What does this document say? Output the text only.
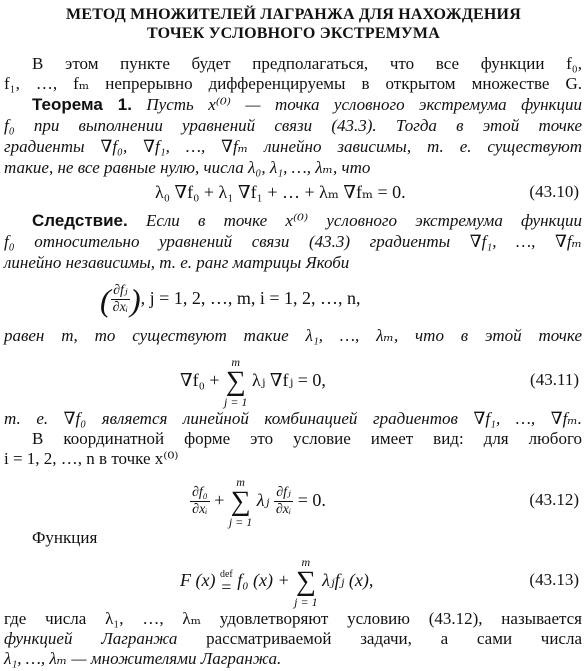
МЕТОД МНОЖИТЕЛЕЙ ЛАГРАНЖА ДЛЯ НАХОЖДЕНИЯ
ТОЧЕК УСЛОВНОГО ЭКСТРЕМУМА
В этом пункте будет предполагаться, что все функции f₀,
f₁, …, fₘ непрерывно дифференцируемы в открытом множестве G.
Теорема 1. Пусть x⁽⁰⁾ — точка условного экстремума функции
f₀ при выполнении уравнений связи (43.3). Тогда в этой точке
градиенты ∇f₀, ∇f₁, …, ∇fₘ линейно зависимы, т. е. существуют
такие, не все равные нулю, числа λ₀, λ₁, …, λₘ, что
λ₀ ∇f₀ + λ₁ ∇f₁ + … + λₘ ∇fₘ = 0.	(43.10)
Следствие. Если в точке x⁽⁰⁾ условного экстремума функции
f₀ относительно уравнений связи (43.3) градиенты ∇f₁, …, ∇fₘ
линейно независимы, т. е. ранг матрицы Якоби
( $\frac{\text{∂fⱼ}}{\text{∂xᵢ}}$ ), j = 1, 2, …, m, i = 1, 2, …, n,
равен m, то существуют такие λ₁, …, λₘ, что в этой точке
∇f₀ +
m
∑
j = 1
λⱼ ∇fⱼ = 0,	(43.11)
т. е. ∇f₀ является линейной комбинацией градиентов ∇f₁, …, ∇fₘ.
В координатной форме это условие имеет вид: для любого
i = 1, 2, …, n в точке x⁽⁰⁾
$\frac{\text{∂f₀}}{\text{∂xᵢ}}$ +
m
∑
j = 1
λⱼ $\frac{\text{∂fⱼ}}{\text{∂xᵢ}} = 0$.	(43.12)
Функция
F (x) def
= f₀ (x) +
m
∑
j = 1
λⱼfⱼ (x),	(43.13)
где числа λ₁, …, λₘ удовлетворяют условию (43.12), называется
функцией Лагранжа рассматриваемой задачи, а сами числа
λ₁, …, λₘ — множителями Лагранжа.
